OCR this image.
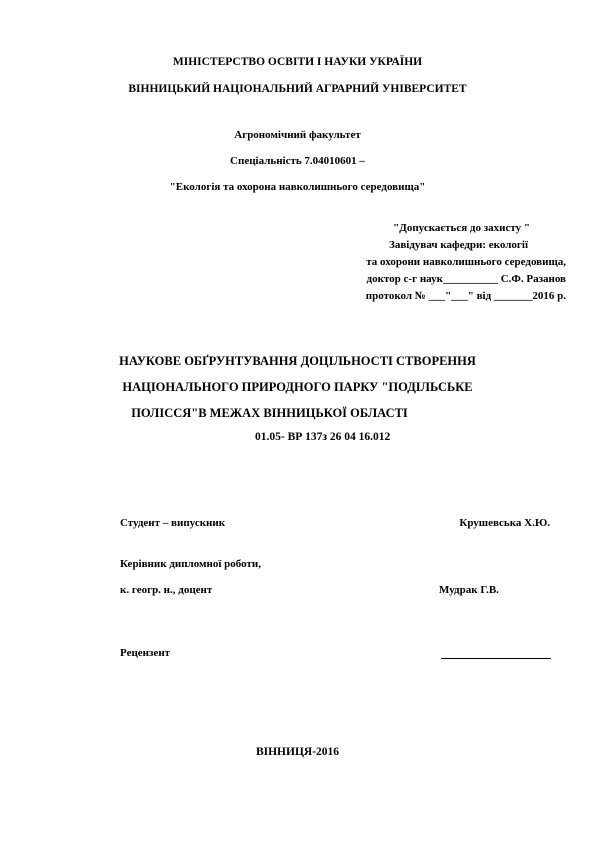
МІНІСТЕРСТВО ОСВІТИ І НАУКИ УКРАЇНИ
ВІННИЦЬКИЙ НАЦІОНАЛЬНИЙ АГРАРНИЙ УНІВЕРСИТЕТ
Агрономічний факультет
Спеціальність 7.04010601 –
"Екологія та охорона навколишнього середовища"
"Допускається до захисту "
Завідувач кафедри: екології
та охорони навколишнього середовища,
доктор с-г наук__________ С.Ф. Разанов
протокол № ___"___" від _______2016 р.
НАУКОВЕ ОБҐРУНТУВАННЯ ДОЦІЛЬНОСТІ СТВОРЕННЯ
НАЦІОНАЛЬНОГО ПРИРОДНОГО ПАРКУ "ПОДІЛЬСЬКЕ
ПОЛІССЯ"В МЕЖАХ ВІННИЦЬКОЇ ОБЛАСТІ
01.05- ВР 137з 26 04 16.012
Студент – випускник	Крушевська Х.Ю.
Керівник дипломної роботи,
к. геогр. н., доцент	Мудрак Г.В.
Рецензент
ВІННИЦЯ-2016
